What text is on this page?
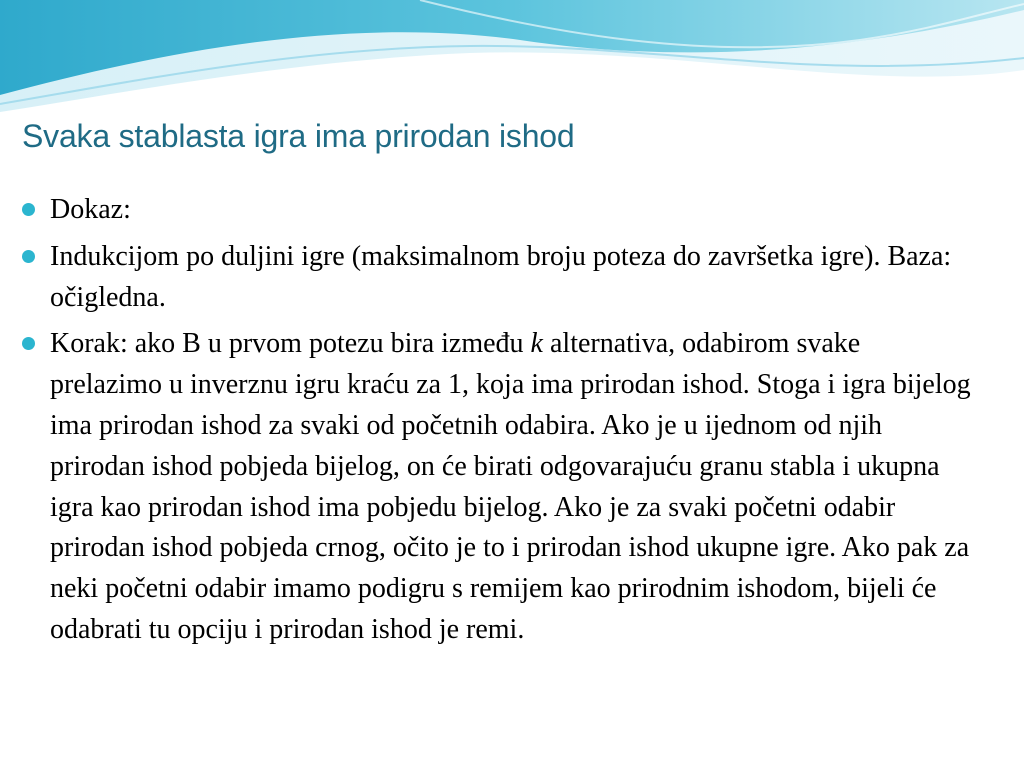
Svaka stablasta igra ima prirodan ishod
Dokaz:
Indukcijom po duljini igre (maksimalnom broju poteza do završetka igre). Baza: očigledna.
Korak: ako B u prvom potezu bira između k alternativa, odabirom svake prelazimo u inverznu igru kraću za 1, koja ima prirodan ishod. Stoga i igra bijelog ima prirodan ishod za svaki od početnih odabira. Ako je u ijednom od njih prirodan ishod pobjeda bijelog, on će birati odgovarajuću granu stabla i ukupna igra kao prirodan ishod ima pobjedu bijelog. Ako je za svaki početni odabir prirodan ishod pobjeda crnog, očito je to i prirodan ishod ukupne igre. Ako pak za neki početni odabir imamo podigru s remijem kao prirodnim ishodom, bijeli će odabrati tu opciju i prirodan ishod je remi.
